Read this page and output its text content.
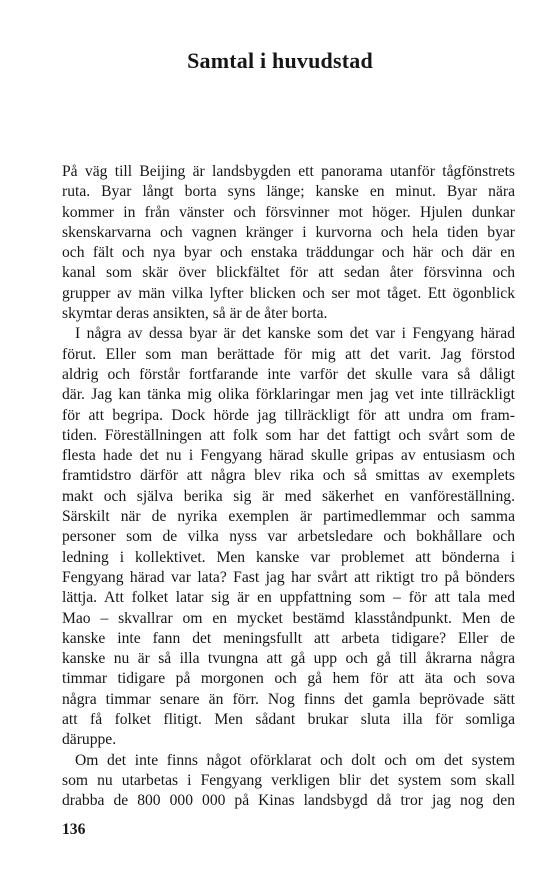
Samtal i huvudstad
På väg till Beijing är landsbygden ett panorama utanför tågfönstrets
ruta. Byar långt borta syns länge; kanske en minut. Byar nära
kommer in från vänster och försvinner mot höger. Hjulen dunkar
skenskarvarna och vagnen kränger i kurvorna och hela tiden byar
och fält och nya byar och enstaka träddungar och här och där en
kanal som skär över blickfältet för att sedan åter försvinna och
grupper av män vilka lyfter blicken och ser mot tåget. Ett ögonblick
skymtar deras ansikten, så är de åter borta.
I några av dessa byar är det kanske som det var i Fengyang härad
förut. Eller som man berättade för mig att det varit. Jag förstod
aldrig och förstår fortfarande inte varför det skulle vara så dåligt
där. Jag kan tänka mig olika förklaringar men jag vet inte tillräckligt
för att begripa. Dock hörde jag tillräckligt för att undra om fram-
tiden. Föreställningen att folk som har det fattigt och svårt som de
flesta hade det nu i Fengyang härad skulle gripas av entusiasm och
framtidstro därför att några blev rika och så smittas av exemplets
makt och själva berika sig är med säkerhet en vanföreställning.
Särskilt när de nyrika exemplen är partimedlemmar och samma
personer som de vilka nyss var arbetsledare och bokhållare och
ledning i kollektivet. Men kanske var problemet att bönderna i
Fengyang härad var lata? Fast jag har svårt att riktigt tro på bönders
lättja. Att folket latar sig är en uppfattning som – för att tala med
Mao – skvallrar om en mycket bestämd klasståndpunkt. Men de
kanske inte fann det meningsfullt att arbeta tidigare? Eller de
kanske nu är så illa tvungna att gå upp och gå till åkrarna några
timmar tidigare på morgonen och gå hem för att äta och sova
några timmar senare än förr. Nog finns det gamla beprövade sätt
att få folket flitigt. Men sådant brukar sluta illa för somliga
däruppe.
Om det inte finns något oförklarat och dolt och om det system
som nu utarbetas i Fengyang verkligen blir det system som skall
drabba de 800 000 000 på Kinas landsbygd då tror jag nog den
136
